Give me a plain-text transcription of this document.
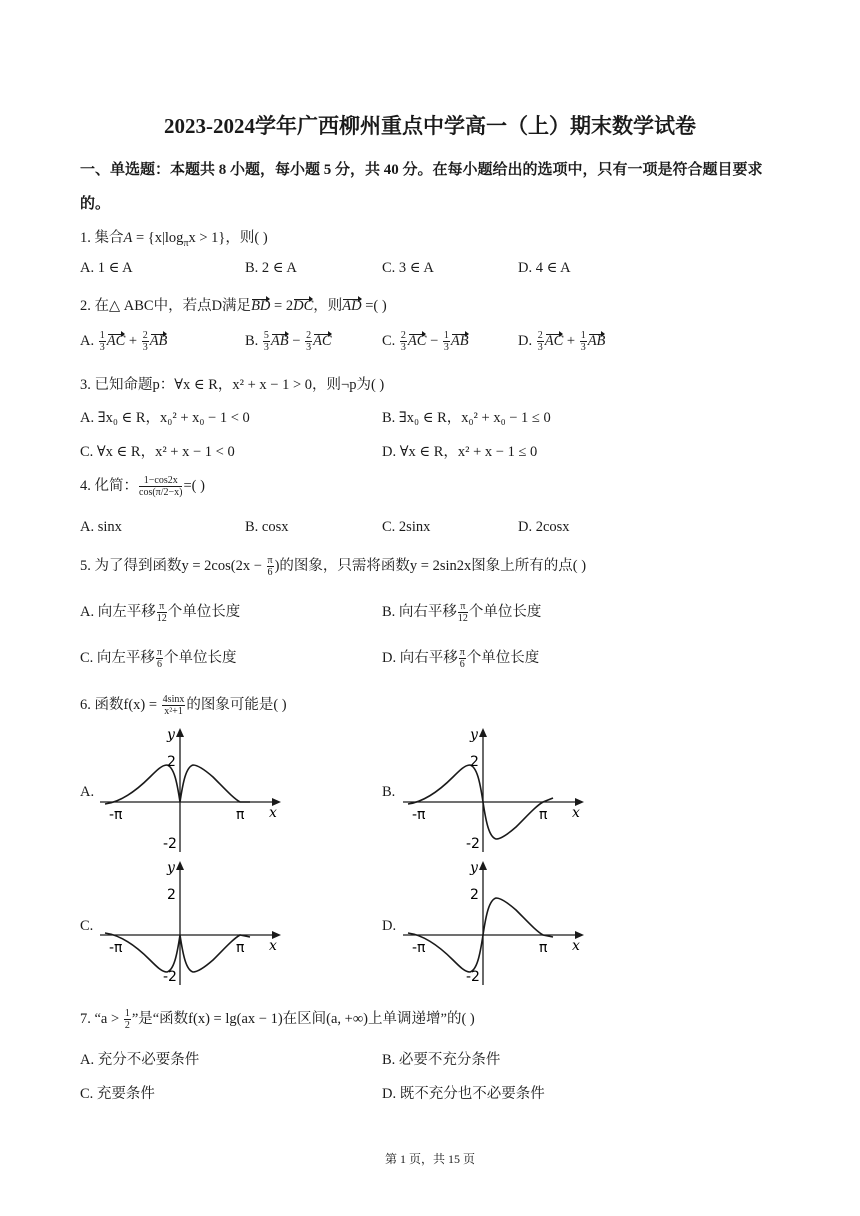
2023-2024学年广西柳州重点中学高一（上）期末数学试卷
一、单选题：本题共 8 小题，每小题 5 分，共 40 分。在每小题给出的选项中，只有一项是符合题目要求
的。
1. 集合$A = \{x|\log_\pi x > 1\}$，则( )
A. 1 ∈ A	B. 2 ∈ A	C. 3 ∈ A	D. 4 ∈ A
2. 在△ ABC中，若点D满足BD = 2DC，则AD =( )
A. $\frac{1}{3}$ AC + $\frac{2}{3}$ AB	B. $\frac{5}{3}$ AB − $\frac{2}{3}$ AC	C. $\frac{2}{3}$ AC − $\frac{1}{3}$ AB	D. $\frac{2}{3}$ AC + $\frac{1}{3}$ AB
3. 已知命题p：∀x ∈ R，x² + x − 1 > 0，则¬p为( )
A. ∃x₀ ∈ R，x₀² + x₀ − 1 < 0	B. ∃x₀ ∈ R，x₀² + x₀ − 1 ≤ 0
C. ∀x ∈ R，x² + x − 1 < 0	D. ∀x ∈ R，x² + x − 1 ≤ 0
4. 化简： $\frac{1-\cos 2x}{\cos(\pi/2-x)}$ =( )
A. sinx	B. cosx	C. 2sinx	D. 2cosx
5. 为了得到函数$y = 2\cos(2x - \frac{\pi}{6}$ )的图象，只需将函数y = 2sin2x图象上所有的点( )
A. 向左平移 $\frac{\pi}{12}$ 个单位长度	B. 向右平移 $\frac{\pi}{12}$ 个单位长度
C. 向左平移 $\frac{\pi}{6}$ 个单位长度	D. 向右平移 $\frac{\pi}{6}$ 个单位长度
6. 函数$f(x) = \frac{4\sin x}{\text{x²+1}}$ 的图象可能是( )
A.
y
x
2
-2
-π	π
B.
y
x
2
-2
-π	π
C.
y
x
2
-2
-π	π
D.
y
x
2
-2
-π	π
7. “$a > \frac{1}{2}$ ”是“函数f(x) = lg(ax − 1)在区间(a, +∞)上单调递增”的( )
A. 充分不必要条件	B. 必要不充分条件
C. 充要条件	D. 既不充分也不必要条件
第 1 页，共 15 页
